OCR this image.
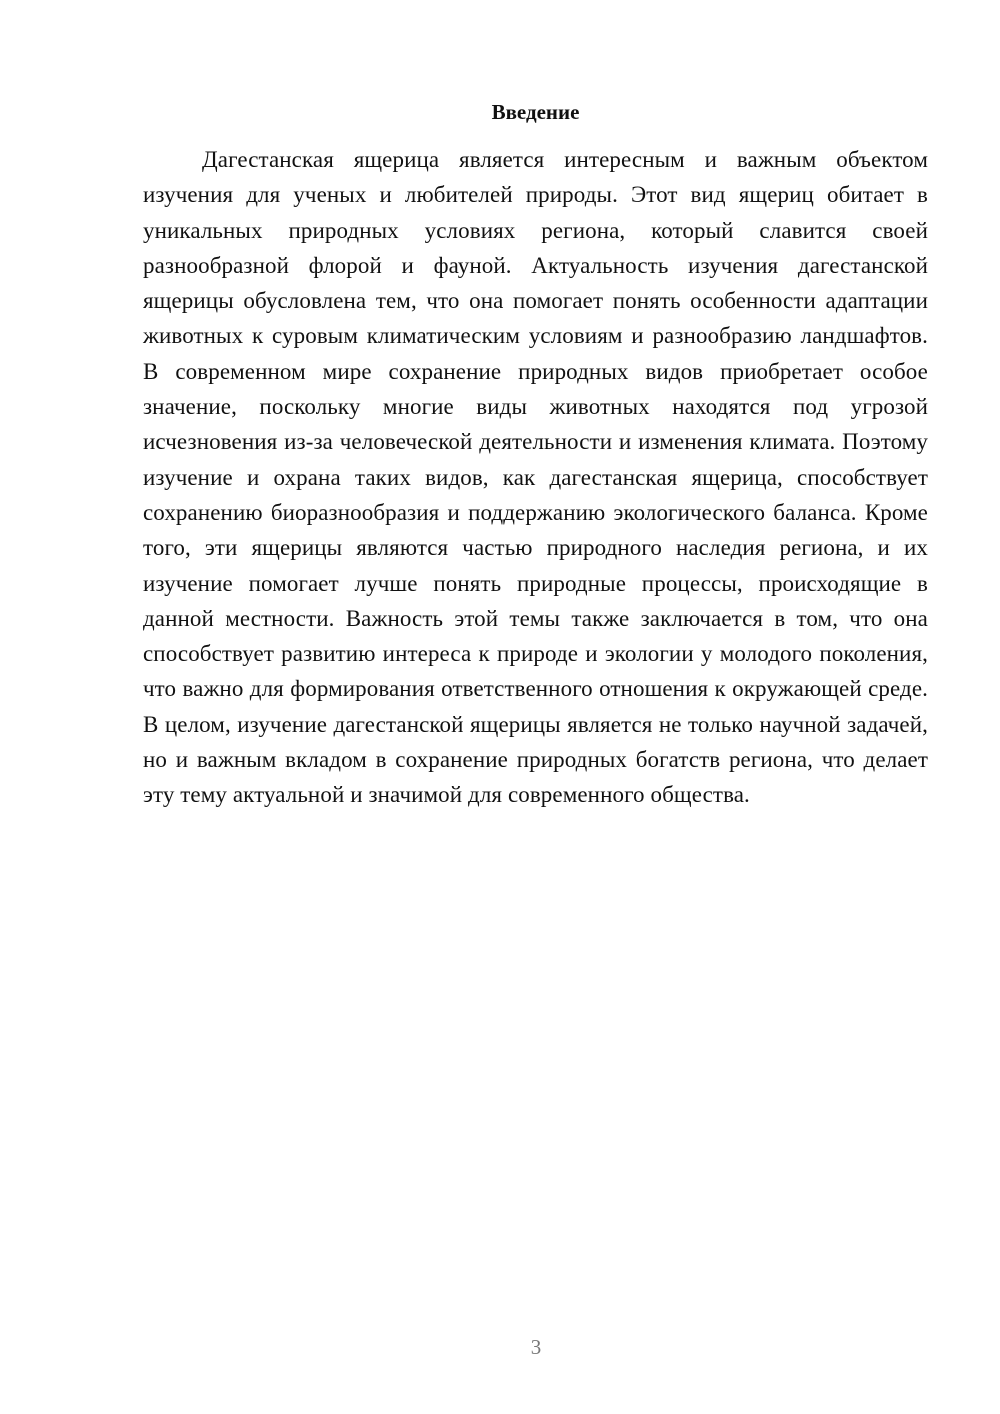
Введение

Дагестанская ящерица является интересным и важным объектом изучения для ученых и любителей природы. Этот вид ящериц обитает в уникальных природных условиях региона, который славится своей разнообразной флорой и фауной. Актуальность изучения дагестанской ящерицы обусловлена тем, что она помогает понять особенности адаптации животных к суровым климатическим условиям и разнообразию ландшафтов. В современном мире сохранение природных видов приобретает особое значение, поскольку многие виды животных находятся под угрозой исчезновения из-за человеческой деятельности и изменения климата. Поэтому изучение и охрана таких видов, как дагестанская ящерица, способствует сохранению биоразнообразия и поддержанию экологического баланса. Кроме того, эти ящерицы являются частью природного наследия региона, и их изучение помогает лучше понять природные процессы, происходящие в данной местности. Важность этой темы также заключается в том, что она способствует развитию интереса к природе и экологии у молодого поколения, что важно для формирования ответственного отношения к окружающей среде. В целом, изучение дагестанской ящерицы является не только научной задачей, но и важным вкладом в сохранение природных богатств региона, что делает эту тему актуальной и значимой для современного общества.

3
